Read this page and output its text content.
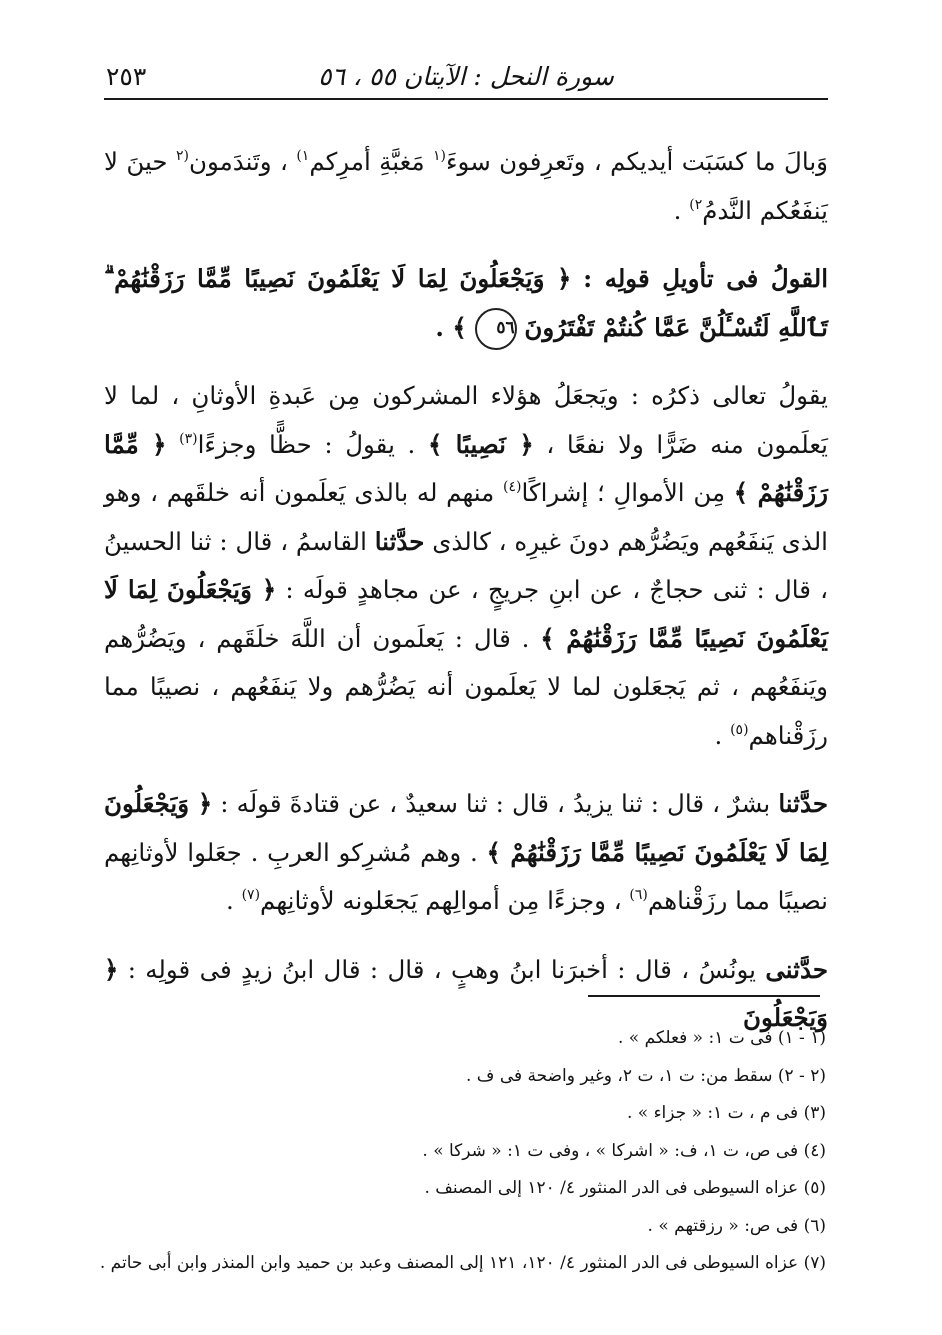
سورة النحل : الآيتان ٥٥ ، ٥٦
٢٥٣

وَبالَ ما كسَبَت أيديكم ، وتَعرِفون سوءَ$^{(١}$ مَغبَّةِ أمرِكم$^{١)}$ ، وتَندَمون$^{(٢}$ حينَ لا يَنفَعُكم النَّدمُ$^{٢)}$ .

القولُ فى تأويلِ قولِه : ﴿ وَيَجْعَلُونَ لِمَا لَا يَعْلَمُونَ نَصِيبًا مِّمَّا رَزَقْنَٰهُمْ ۗ تَٱللَّهِ لَتُسْـَٔلُنَّ عَمَّا كُنتُمْ تَفْتَرُونَ ٥٦ ﴾ .

يقولُ تعالى ذكرُه : ويَجعَلُ هؤلاء المشركون مِن عَبدةِ الأوثانِ ، لما لا يَعلَمون منه ضَرًّا ولا نفعًا ، ﴿ نَصِيبًا ﴾ . يقولُ : حظًّا وجزءًا$^{(٣)}$ ﴿ مِّمَّا رَزَقْنَٰهُمْ ﴾ مِن الأموالِ ؛ إشراكًا$^{(٤)}$ منهم له بالذى يَعلَمون أنه خلقَهم ، وهو الذى يَنفَعُهم ويَضُرُّهم دونَ غيرِه ، كالذى حدَّثنا القاسمُ ، قال : ثنا الحسينُ ، قال : ثنى حجاجٌ ، عن ابنِ جريجٍ ، عن مجاهدٍ قولَه : ﴿ وَيَجْعَلُونَ لِمَا لَا يَعْلَمُونَ نَصِيبًا مِّمَّا رَزَقْنَٰهُمْ ﴾ . قال : يَعلَمون أن اللَّهَ خلَقَهم ، ويَضُرُّهم ويَنفَعُهم ، ثم يَجعَلون لما لا يَعلَمون أنه يَضُرُّهم ولا يَنفَعُهم ، نصيبًا مما رزَقْناهم$^{(٥)}$ .

حدَّثنا بشرٌ ، قال : ثنا يزيدُ ، قال : ثنا سعيدٌ ، عن قتادةَ قولَه : ﴿ وَيَجْعَلُونَ لِمَا لَا يَعْلَمُونَ نَصِيبًا مِّمَّا رَزَقْنَٰهُمْ ﴾ . وهم مُشرِكو العربِ . جعَلوا لأوثانِهم نصيبًا مما رزَقْناهم$^{(٦)}$ ، وجزءًا مِن أموالِهم يَجعَلونه لأوثانِهم$^{(٧)}$ .

حدَّثنى يونُسُ ، قال : أخبرَنا ابنُ وهبٍ ، قال : قال ابنُ زيدٍ فى قولِه : ﴿ وَيَجْعَلُونَ

(١ - ١) فى ت ١: « فعلكم » .
(٢ - ٢) سقط من: ت ١، ت ٢، وغير واضحة فى ف .
(٣) فى م ، ت ١: « جزاء » .
(٤) فى ص، ت ١، ف: « اشركا » ، وفى ت ١: « شركا » .
(٥) عزاه السيوطى فى الدر المنثور ٤/ ١٢٠ إلى المصنف .
(٦) فى ص: « رزقتهم » .
(٧) عزاه السيوطى فى الدر المنثور ٤/ ١٢٠، ١٢١ إلى المصنف وعبد بن حميد وابن المنذر وابن أبى حاتم .
